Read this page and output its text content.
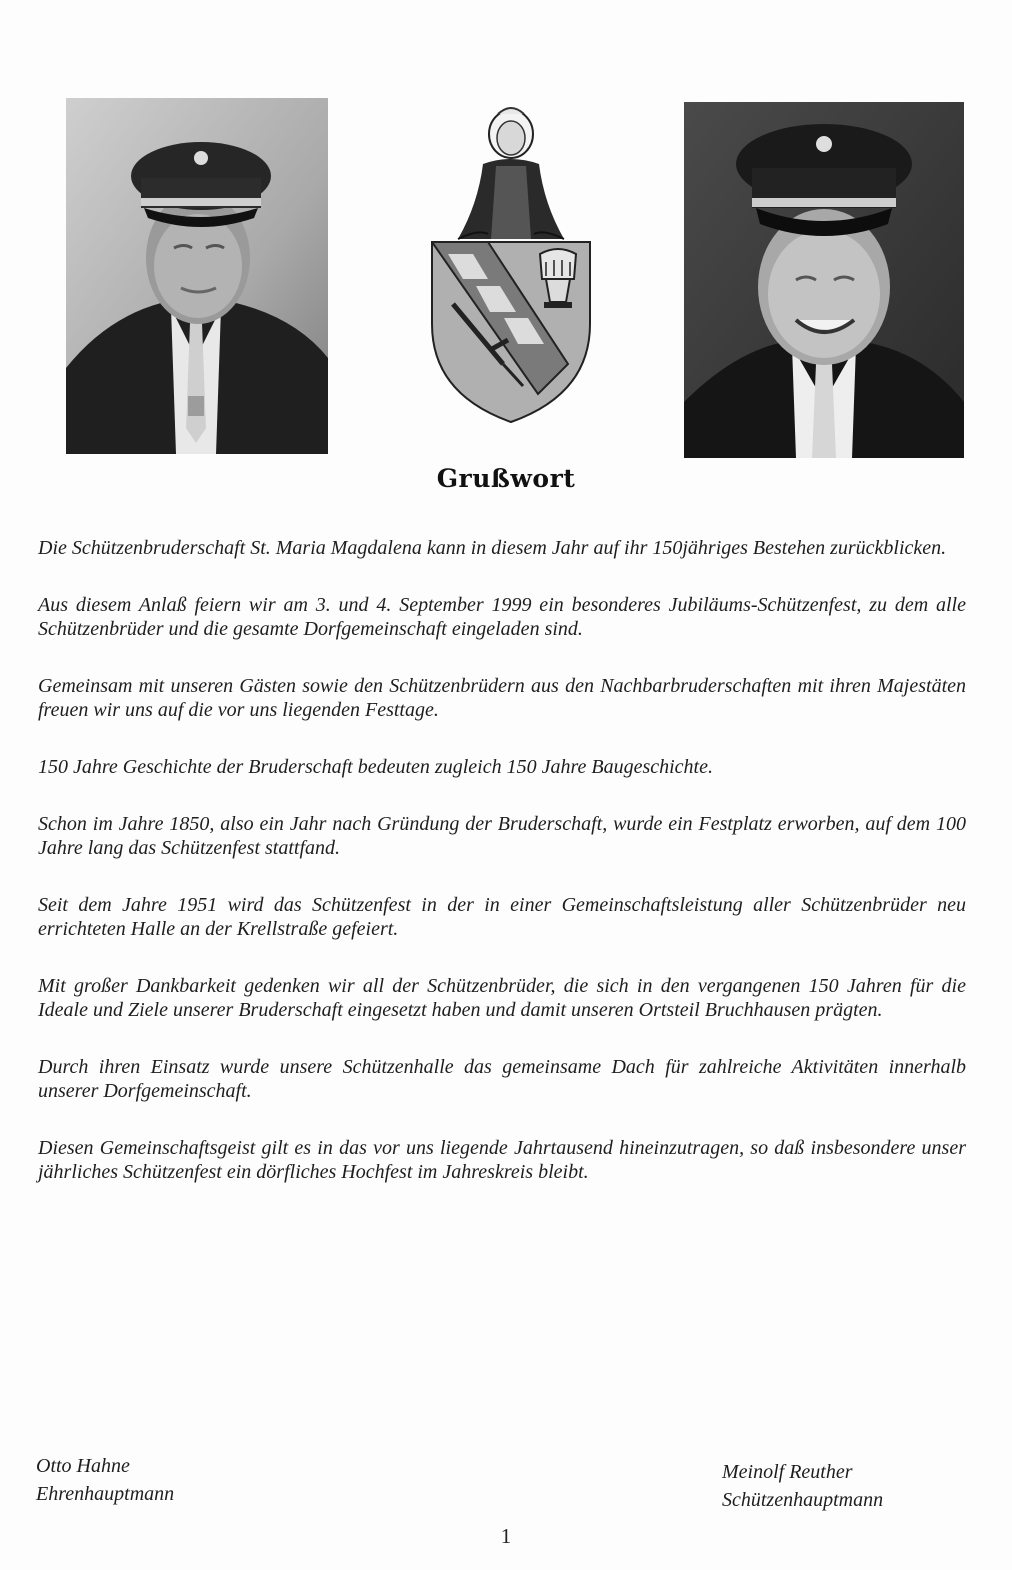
Grußwort

Die Schützenbruderschaft St. Maria Magdalena kann in diesem Jahr auf ihr 150jähriges Bestehen zurückblicken.

Aus diesem Anlaß feiern wir am 3. und 4. September 1999 ein besonderes Jubiläums-Schützenfest, zu dem alle Schützenbrüder und die gesamte Dorfgemeinschaft eingeladen sind.

Gemeinsam mit unseren Gästen sowie den Schützenbrüdern aus den Nachbarbruderschaften mit ihren Majestäten freuen wir uns auf die vor uns liegenden Festtage.

150 Jahre Geschichte der Bruderschaft bedeuten zugleich 150 Jahre Baugeschichte.

Schon im Jahre 1850, also ein Jahr nach Gründung der Bruderschaft, wurde ein Festplatz erworben, auf dem 100 Jahre lang das Schützenfest stattfand.

Seit dem Jahre 1951 wird das Schützenfest in der in einer Gemeinschaftsleistung aller Schützenbrüder neu errichteten Halle an der Krellstraße gefeiert.

Mit großer Dankbarkeit gedenken wir all der Schützenbrüder, die sich in den vergangenen 150 Jahren für die Ideale und Ziele unserer Bruderschaft eingesetzt haben und damit unseren Ortsteil Bruchhausen prägten.

Durch ihren Einsatz wurde unsere Schützenhalle das gemeinsame Dach für zahlreiche Aktivitäten innerhalb unserer Dorfgemeinschaft.

Diesen Gemeinschaftsgeist gilt es in das vor uns liegende Jahrtausend hineinzutragen, so daß insbesondere unser jährliches Schützenfest ein dörfliches Hochfest im Jahreskreis bleibt.

Otto Hahne
Ehrenhauptmann
Meinolf Reuther
Schützenhauptmann
1
